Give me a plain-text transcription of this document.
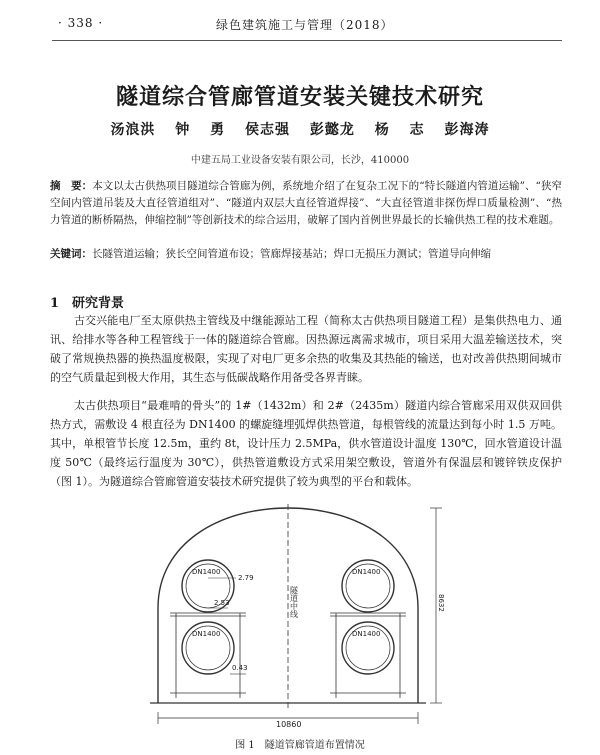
· 338 ·	绿色建筑施工与管理（2018）
隧道综合管廊管道安装关键技术研究
汤浪洪 钟 勇 侯志强 彭懿龙 杨 志 彭海涛
中建五局工业设备安装有限公司，长沙，410000
摘　要：本文以太古供热项目隧道综合管廊为例，系统地介绍了在复杂工况下的“特长隧道内管道运输”、“狭窄空间内管道吊装及大直径管道组对”、“隧道内双层大直径管道焊接”、“大直径管道非探伤焊口质量检测”、“热力管道的断桥隔热，伸缩控制”等创新技术的综合运用，破解了国内首例世界最长的长输供热工程的技术难题。
关键词：长隧管道运输；狭长空间管道布设；管廊焊接基站；焊口无损压力测试；管道导向伸缩
1　研究背景
古交兴能电厂至太原供热主管线及中继能源站工程（简称太古供热项目隧道工程）是集供热电力、通讯、给排水等各种工程管线于一体的隧道综合管廊。因热源远离需求城市，项目采用大温差输送技术，突破了常规换热器的换热温度极限，实现了对电厂更多余热的收集及其热能的输送，也对改善供热期间城市的空气质量起到极大作用，其生态与低碳战略作用备受各界青睐。
太古供热项目“最难啃的骨头”的 1#（1432m）和 2#（2435m）隧道内综合管廊采用双供双回供热方式，需敷设 4 根直径为 DN1400 的螺旋缝埋弧焊供热管道，每根管线的流量达到每小时 1.5 万吨。其中，单根管节长度 12.5m，重约 8t，设计压力 2.5MPa，供水管道设计温度 130℃，回水管道设计温度 50℃（最终运行温度为 30℃），供热管道敷设方式采用架空敷设，管道外有保温层和镀锌铁皮保护（图 1）。为隧道综合管廊管道安装技术研究提供了较为典型的平台和载体。
隧道中线
DN1400
DN1400
DN1400
DN1400
2.79
2.53
0.43
10860
8632
图 1　隧道管廊管道布置情况
